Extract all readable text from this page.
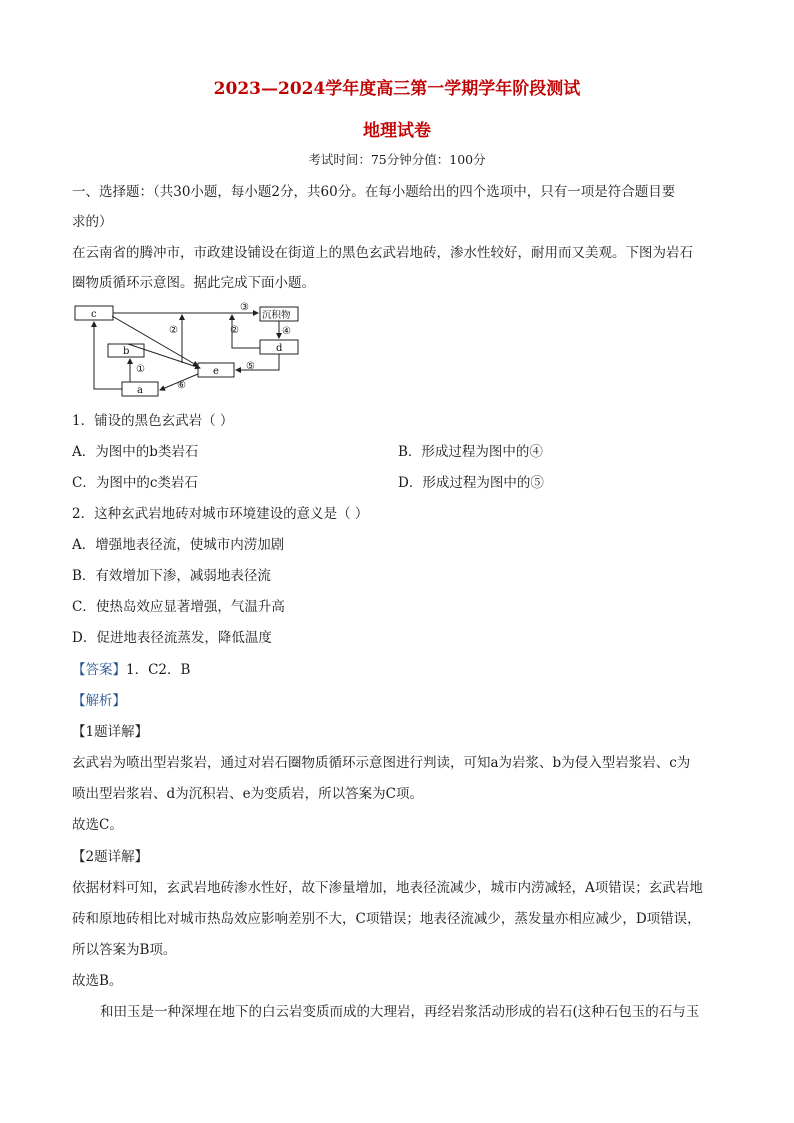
2023—2024学年度高三第一学期学年阶段测试
地理试卷
考试时间：75分钟分值：100分
一、选择题：（共30小题，每小题2分，共60分。在每小题给出的四个选项中，只有一项是符合题目要
求的）
在云南省的腾冲市，市政建设铺设在街道上的黑色玄武岩地砖，渗水性较好，耐用而又美观。下图为岩石
圈物质循环示意图。据此完成下面小题。
c
b
a
e
d
沉积物
①
②	②
③
④
⑤
⑥
1．铺设的黑色玄武岩（ ）
A．为图中的b类岩石	B．形成过程为图中的④
C．为图中的c类岩石	D．形成过程为图中的⑤
2．这种玄武岩地砖对城市环境建设的意义是（ ）
A．增强地表径流，使城市内涝加剧
B．有效增加下渗，减弱地表径流
C．使热岛效应显著增强，气温升高
D．促进地表径流蒸发，降低温度
【答案】1．C2．B
【解析】
【1题详解】
玄武岩为喷出型岩浆岩，通过对岩石圈物质循环示意图进行判读，可知a为岩浆、b为侵入型岩浆岩、c为
喷出型岩浆岩、d为沉积岩、e为变质岩，所以答案为C项。
故选C。
【2题详解】
依据材料可知，玄武岩地砖渗水性好，故下渗量增加，地表径流减少，城市内涝减轻，A项错误；玄武岩地
砖和原地砖相比对城市热岛效应影响差别不大，C项错误；地表径流减少，蒸发量亦相应减少，D项错误，
所以答案为B项。
故选B。
和田玉是一种深埋在地下的白云岩变质而成的大理岩，再经岩浆活动形成的岩石(这种石包玉的石与玉
